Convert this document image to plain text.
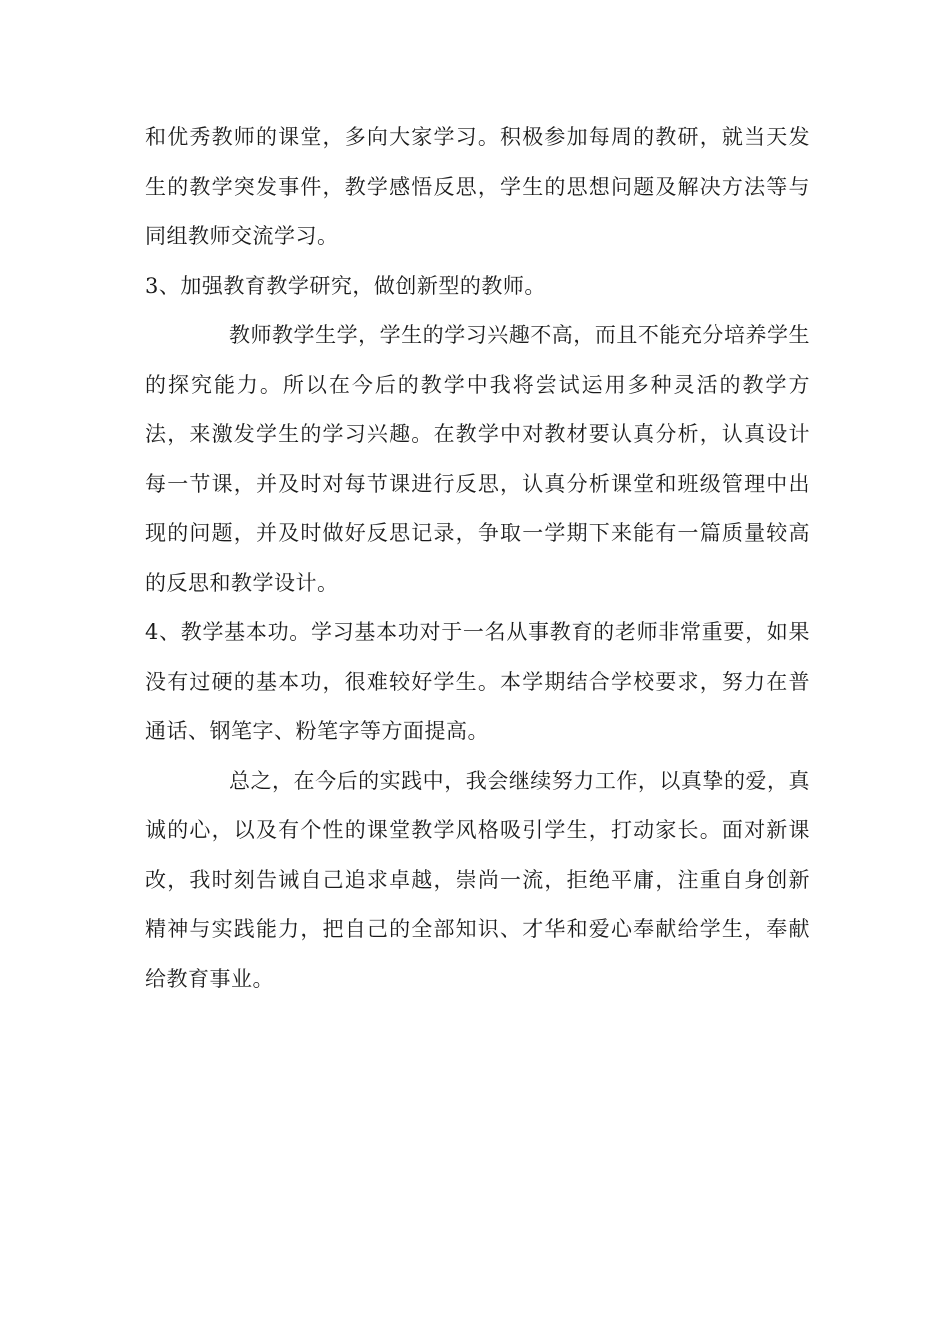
和优秀教师的课堂，多向大家学习。积极参加每周的教研，就当天发生的教学突发事件，教学感悟反思，学生的思想问题及解决方法等与同组教师交流学习。

3、加强教育教学研究，做创新型的教师。

教师教学生学，学生的学习兴趣不高，而且不能充分培养学生的探究能力。所以在今后的教学中我将尝试运用多种灵活的教学方法，来激发学生的学习兴趣。在教学中对教材要认真分析，认真设计每一节课，并及时对每节课进行反思，认真分析课堂和班级管理中出现的问题，并及时做好反思记录，争取一学期下来能有一篇质量较高的反思和教学设计。

4、教学基本功。学习基本功对于一名从事教育的老师非常重要，如果没有过硬的基本功，很难较好学生。本学期结合学校要求，努力在普通话、钢笔字、粉笔字等方面提高。

总之，在今后的实践中，我会继续努力工作，以真挚的爱，真诚的心，以及有个性的课堂教学风格吸引学生，打动家长。面对新课改，我时刻告诫自己追求卓越，崇尚一流，拒绝平庸，注重自身创新精神与实践能力，把自己的全部知识、才华和爱心奉献给学生，奉献给教育事业。
